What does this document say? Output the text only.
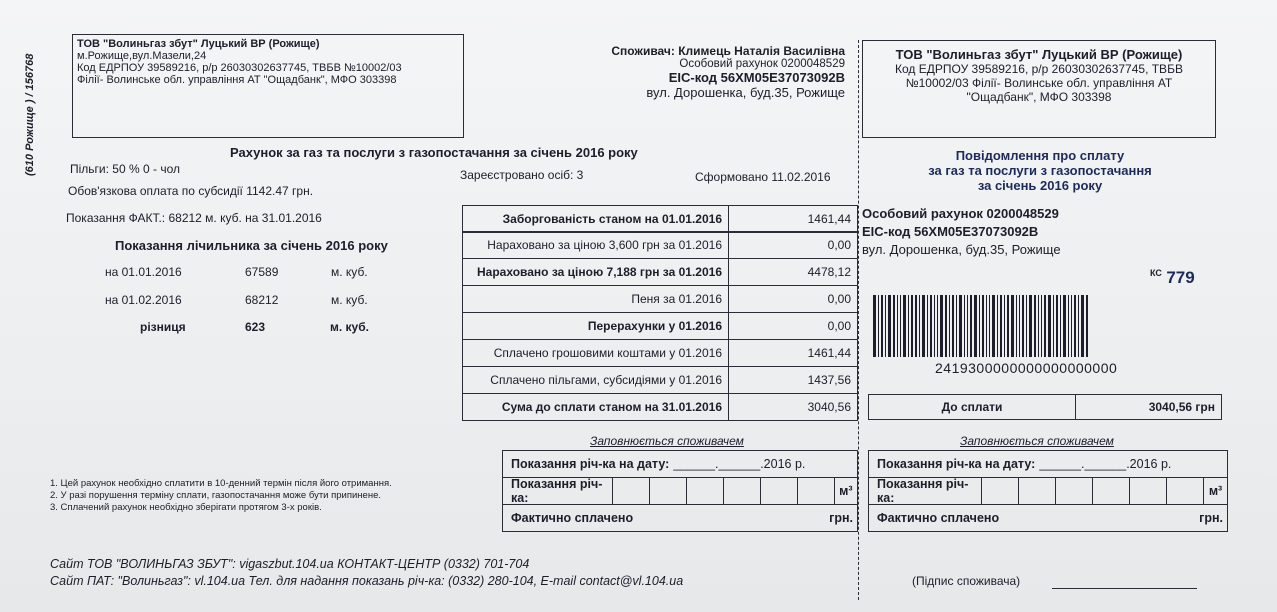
(610 Рожище ) / 156768
ТОВ "Волиньгаз збут" Луцький ВР (Рожище)
м.Рожище,вул.Мазели,24
Код ЕДРПОУ 39589216, р/р 26030302637745, ТВБВ №10002/03
Філії- Волинське обл. управління АТ "Ощадбанк", МФО 303398
Споживач: Климець Наталія Василівна
Особовий рахунок 0200048529
ЕІС-код 56ХМ05Е37073092В
вул. Дорошенка, буд.35, Рожище
ТОВ "Волиньгаз збут" Луцький ВР (Рожище)
Код ЕДРПОУ 39589216, р/р 26030302637745, ТВБВ
№10002/03 Філії- Волинське обл. управління АТ
"Ощадбанк", МФО 303398
Рахунок за газ та послуги з газопостачання за січень 2016 року
Пільги: 50 % 0 - чол
Обов'язкова оплата по субсидії 1142.47 грн.
Зареєстровано осіб: 3	Сформовано 11.02.2016
Показання ФАКТ.: 68212 м. куб. на 31.01.2016
Показання лічильника за січень 2016 року
на 01.01.2016	67589	м. куб.
на 01.02.2016	68212	м. куб.
різниця	623	м. куб.
Заборгованість станом на 01.01.2016	1461,44
Нараховано за ціною 3,600 грн за 01.2016	0,00
Нараховано за ціною 7,188 грн за 01.2016	4478,12
Пеня за 01.2016	0,00
Перерахунки у 01.2016	0,00
Сплачено грошовими коштами у 01.2016	1461,44
Сплачено пільгами, субсидіями у 01.2016	1437,56
Сума до сплати станом на 31.01.2016	3040,56
Повідомлення про сплату
за газ та послуги з газопостачання
за січень 2016 року
Особовий рахунок 0200048529
ЕІС-код 56ХМ05Е37073092В
вул. Дорошенка, буд.35, Рожище
$^{КС}$ 779
2419300000000000000000
До сплати	3040,56 грн
Заповнюється споживачем
Показання річ-ка на дату: ______.______.2016 р.
Показання річ-ка:	м³
Фактично сплачено	грн.
Заповнюється споживачем
Показання річ-ка на дату: ______.______.2016 р.
Показання річ-ка:	м³
Фактично сплачено	грн.
1. Цей рахунок необхідно сплатити в 10-денний термін після його отримання.
2. У разі порушення терміну сплати, газопостачання може бути припинене.
3. Сплачений рахунок необхідно зберігати протягом 3-х років.
Сайт ТОВ "ВОЛИНЬГАЗ ЗБУТ": vigaszbut.104.ua КОНТАКТ-ЦЕНТР (0332) 701-704
Сайт ПАТ: "Волиньгаз": vl.104.ua Тел. для надання показань річ-ка: (0332) 280-104, E-mail contact@vl.104.ua	(Підпис споживача)
